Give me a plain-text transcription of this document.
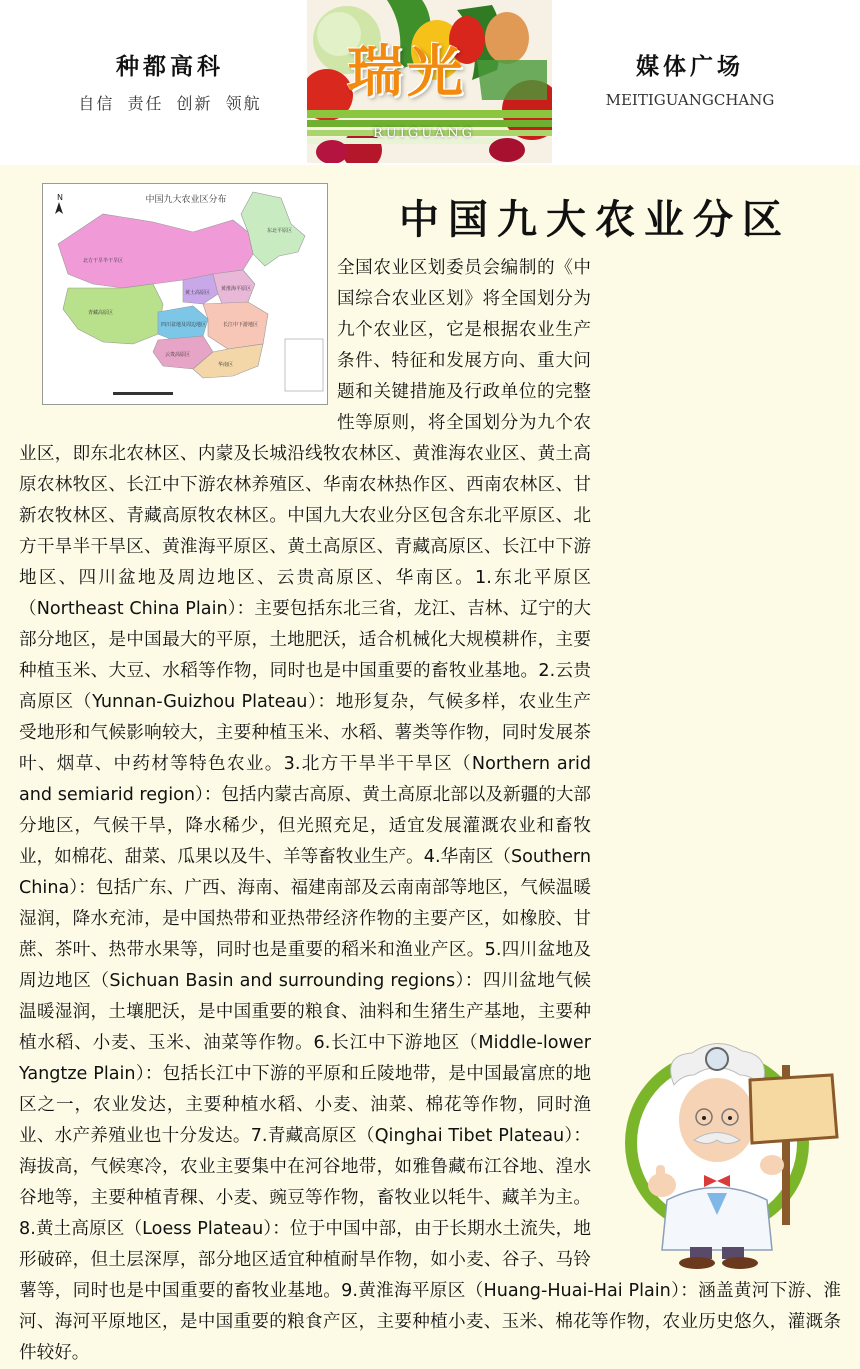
种都高科
自信 责任 创新 领航	瑞光
RUIGUANG
媒体广场
MEITIGUANGCHANG
中国九大农业区分布
N
东北平原区
北方干旱半干旱区
黄土高原区
黄淮海平原区
青藏高原区
四川盆地及周边地区	长江中下游地区
云贵高原区
华南区
中国九大农业分区
全国农业区划委员会编制的《中国综合农业区划》将全国划分为九个农业区，它是根据农业生产条件、特征和发展方向、重大问题和关键措施及行政单位的完整性等原则，将全国划分为九个农业区，即东北农林区、内蒙及长城沿线牧农林区、黄淮海农业区、黄土高原农林牧区、长江中下游农林养殖区、华南农林热作区、西南农林区、甘新农牧林区、青藏高原牧农林区。中国九大农业分区包含东北平原区、北方干旱半干旱区、黄淮海平原区、黄土高原区、青藏高原区、长江中下游地区、四川盆地及周边地区、云贵高原区、华南区。1.东北平原区（Northeast China Plain）：主要包括东北三省，龙江、吉林、辽宁的大部分地区，是中国最大的平原，土地肥沃，适合机械化大规模耕作，主要种植玉米、大豆、水稻等作物，同时也是中国重要的畜牧业基地。2.云贵高原区（Yunnan-Guizhou Plateau）：地形复杂，气候多样，农业生产受地形和气候影响较大，主要种植玉米、水稻、薯类等作物，同时发展茶叶、烟草、中药材等特色农业。3.北方干旱半干旱区（Northern arid and semiarid region）：包括内蒙古高原、黄土高原北部以及新疆的大部分地区，气候干旱，降水稀少，但光照充足，适宜发展灌溉农业和畜牧业，如棉花、甜菜、瓜果以及牛、羊等畜牧业生产。4.华南区（Southern China）：包括广东、广西、海南、福建南部及云南南部等地区，气候温暖湿润，降水充沛，是中国热带和亚热带经济作物的主要产区，如橡胶、甘蔗、茶叶、热带水果等，同时也是重要的稻米和渔业产区。5.四川盆地及周边地区（Sichuan Basin and surrounding regions）：四川盆地气候温暖湿润，土壤肥沃，是中国重要的粮食、油料和生猪生产基地，主要种植水稻、小麦、玉米、油菜等作物。6.长江中下游地区（Middle-lower Yangtze Plain）：包括长江中下游的平原和丘陵地带，是中国最富庶的地区之一，农业发达，主要种植水稻、小麦、油菜、棉花等作物，同时渔业、水产养殖业也十分发达。7.青藏高原区（Qinghai Tibet Plateau）：海拔高，气候寒冷，农业主要集中在河谷地带，如雅鲁藏布江谷地、湟水谷地等，主要种植青稞、小麦、豌豆等作物，畜牧业以牦牛、藏羊为主。8.黄土高原区（Loess Plateau）：位于中国中部，由于长期水土流失，地形破碎，但土层深厚，部分地区适宜种植耐旱作物，如小麦、谷子、马铃薯等，同时也是中国重要的畜牧业基地。9.黄淮海平原区（Huang-Huai-Hai Plain）：涵盖黄河下游、淮河、海河平原地区，是中国重要的粮食产区，主要种植小麦、玉米、棉花等作物，农业历史悠久，灌溉条件较好。
